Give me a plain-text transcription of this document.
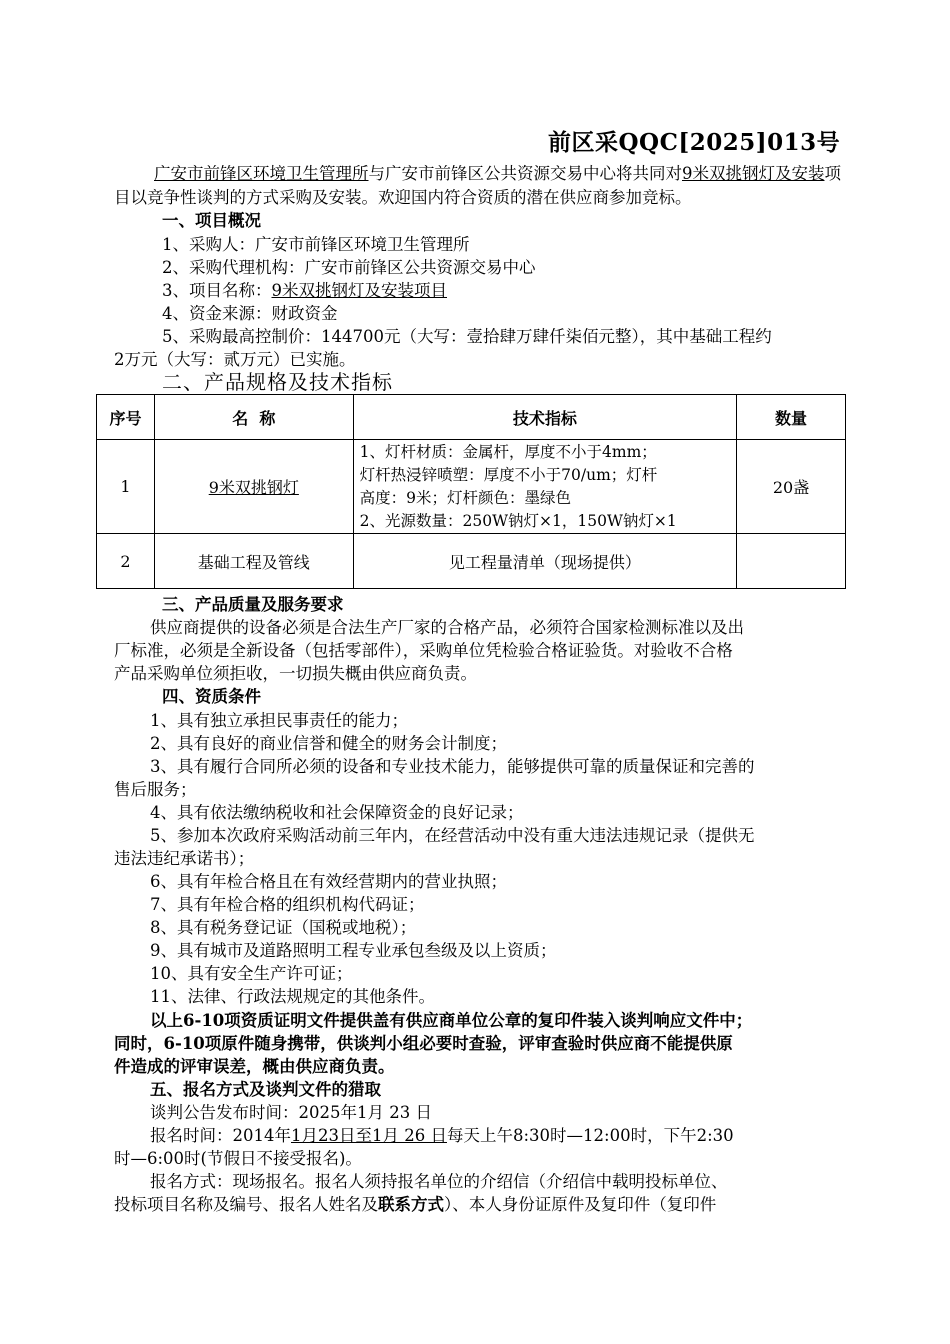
前区采QQC[2025]013号
广安市前锋区环境卫生管理所与广安市前锋区公共资源交易中心将共同对9米双挑钢灯及安装项目以竞争性谈判的方式采购及安装。欢迎国内符合资质的潜在供应商参加竞标。
一、项目概况
1、采购人：广安市前锋区环境卫生管理所
2、采购代理机构：广安市前锋区公共资源交易中心
3、项目名称：9米双挑钢灯及安装项目
4、资金来源：财政资金
5、采购最高控制价：144700元（大写：壹拾肆万肆仟柒佰元整），其中基础工程约
2万元（大写：贰万元）已实施。
二、产品规格及技术指标
序号	名  称	技术指标	数量
1	9米双挑钢灯	1、灯杆材质：金属杆，厚度不小于4mm；
灯杆热浸锌喷塑：厚度不小于70/um；灯杆
高度：9米；灯杆颜色：墨绿色
2、光源数量：250W钠灯×1，150W钠灯×1	20盏
2	基础工程及管线	见工程量清单（现场提供）	
三、产品质量及服务要求
供应商提供的设备必须是合法生产厂家的合格产品，必须符合国家检测标准以及出
厂标准，必须是全新设备（包括零部件），采购单位凭检验合格证验货。对验收不合格
产品采购单位须拒收，一切损失概由供应商负责。
四、资质条件
1、具有独立承担民事责任的能力；
2、具有良好的商业信誉和健全的财务会计制度；
3、具有履行合同所必须的设备和专业技术能力，能够提供可靠的质量保证和完善的
售后服务；
4、具有依法缴纳税收和社会保障资金的良好记录；
5、参加本次政府采购活动前三年内，在经营活动中没有重大违法违规记录（提供无
违法违纪承诺书）；
6、具有年检合格且在有效经营期内的营业执照；
7、具有年检合格的组织机构代码证；
8、具有税务登记证（国税或地税）；
9、具有城市及道路照明工程专业承包叁级及以上资质；
10、具有安全生产许可证；
11、法律、行政法规规定的其他条件。
以上6-10项资质证明文件提供盖有供应商单位公章的复印件装入谈判响应文件中；
同时，6-10项原件随身携带，供谈判小组必要时查验，评审查验时供应商不能提供原
件造成的评审误差，概由供应商负责。
五、报名方式及谈判文件的猎取
谈判公告发布时间：2025年1月 23 日
报名时间：2014年1月23日至1月 26 日每天上午8:30时—12:00时，下午2:30
时—6:00时(节假日不接受报名)。
报名方式：现场报名。报名人须持报名单位的介绍信（介绍信中载明投标单位、
投标项目名称及编号、报名人姓名及联系方式）、本人身份证原件及复印件（复印件
